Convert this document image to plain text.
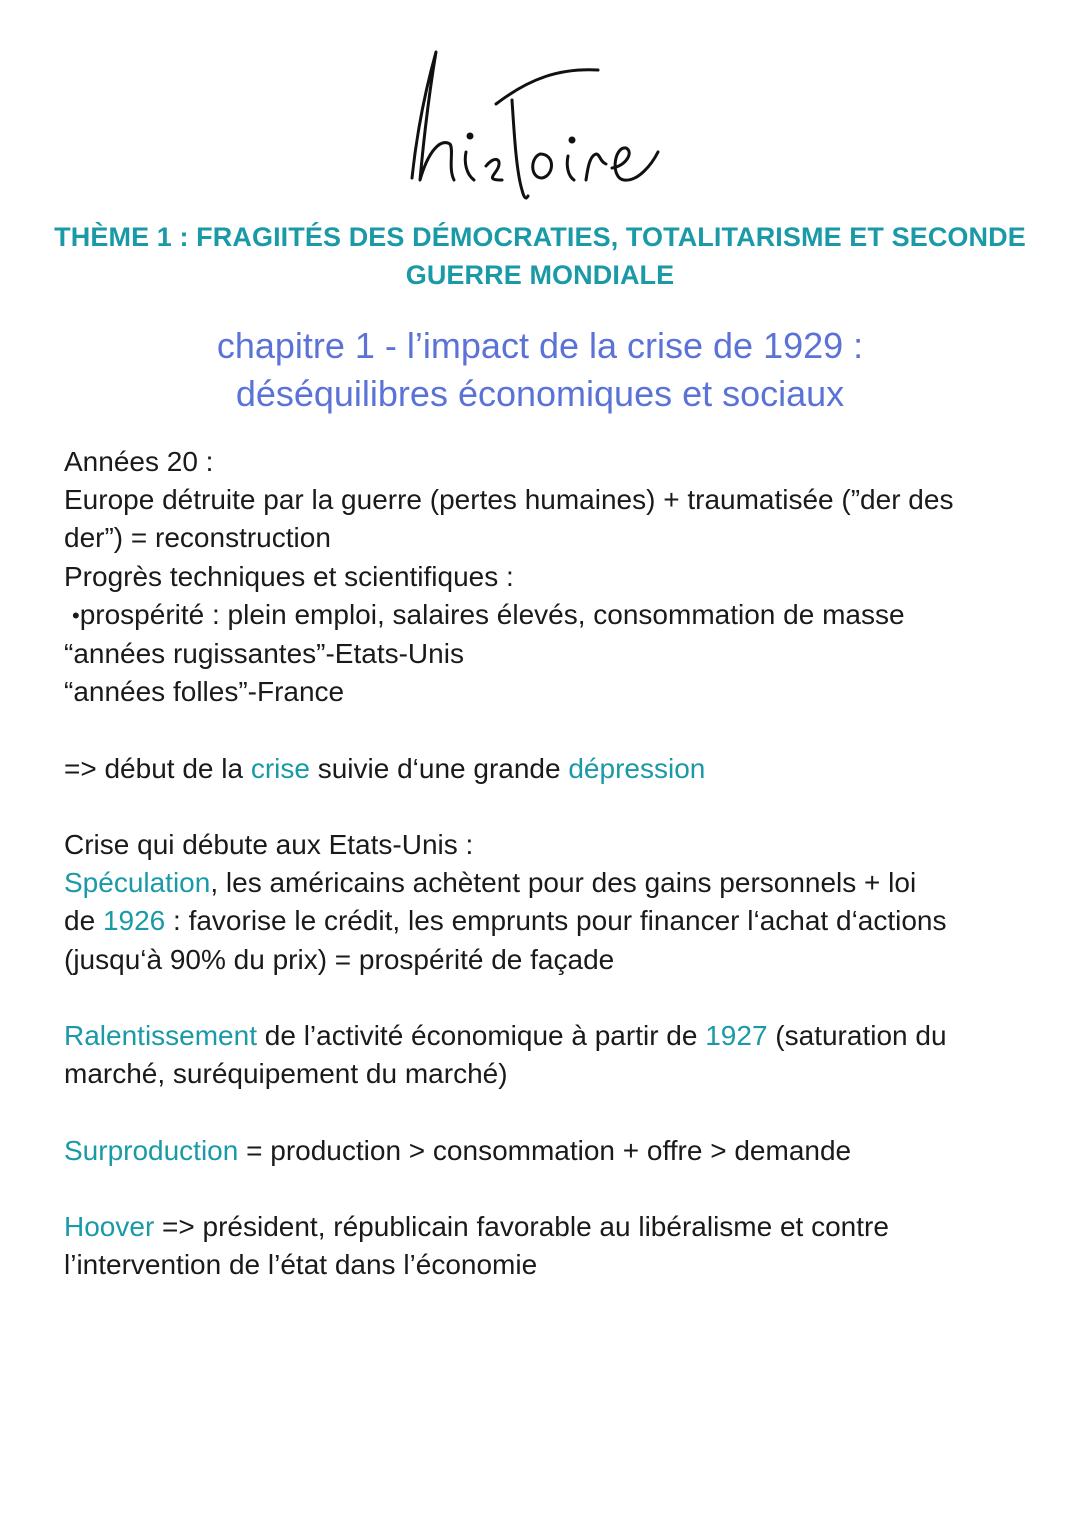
THÈME 1 : FRAGIITÉS DES DÉMOCRATIES, TOTALITARISME ET SECONDE
GUERRE MONDIALE
chapitre 1 - l’impact de la crise de 1929 :
déséquilibres économiques et sociaux

Années 20 :

Europe détruite par la guerre (pertes humaines) + traumatisée (”der des

der”) = reconstruction

Progrès techniques et scientifiques :

•prospérité : plein emploi, salaires élevés, consommation de masse

“années rugissantes”-Etats-Unis

“années folles”-France

=> début de la crise suivie d‘une grande dépression

Crise qui débute aux Etats-Unis :

Spéculation, les américains achètent pour des gains personnels + loi

de 1926 : favorise le crédit, les emprunts pour financer l‘achat d‘actions

(jusqu‘à 90% du prix) = prospérité de façade

Ralentissement de l’activité économique à partir de 1927 (saturation du

marché, suréquipement du marché)

Surproduction = production > consommation + offre > demande

Hoover => président, républicain favorable au libéralisme et contre

l’intervention de l’état dans l’économie
